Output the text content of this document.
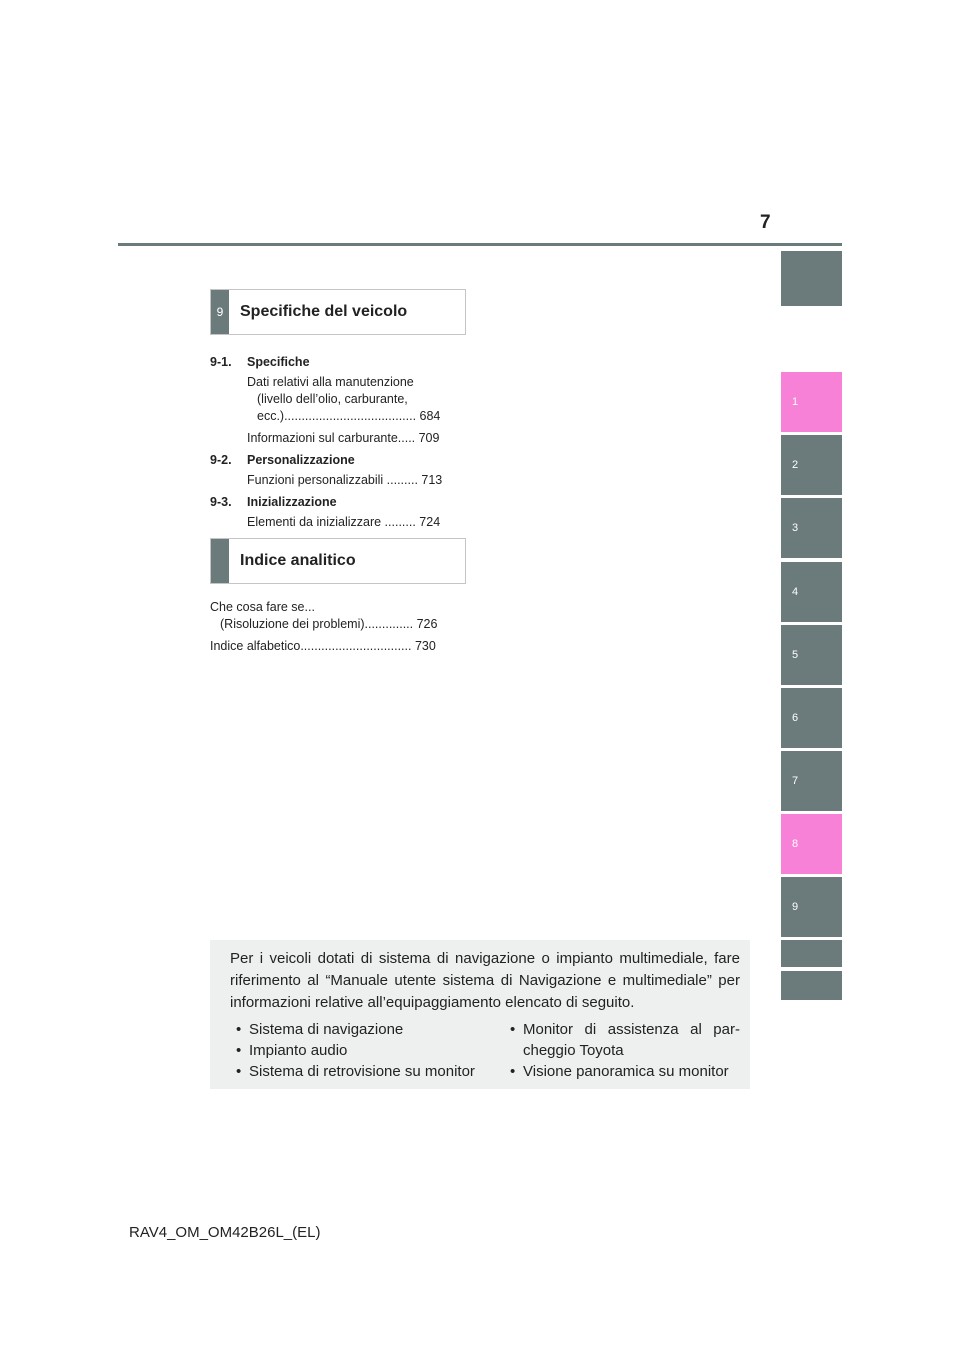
7
1
2
3
4
5
6
7
8
9
9	Specifiche del veicolo
9-1. Specifiche
Dati relativi alla manutenzione
(livello dell’olio, carburante,
ecc.)...................................... 684
Informazioni sul carburante..... 709
9-2. Personalizzazione
Funzioni personalizzabili ......... 713
9-3. Inizializzazione
Elementi da inizializzare ......... 724
Indice analitico
Che cosa fare se...
(Risoluzione dei problemi).............. 726
Indice alfabetico................................ 730
Per i veicoli dotati di sistema di navigazione o impianto multimediale, fare riferimento al “Manuale utente sistema di Navigazione e multimediale” per informazioni relative all’equipaggiamento elencato di seguito.
• Sistema di navigazione
• Impianto audio
• Sistema di retrovisione su monitor
• Monitor di assistenza al par-cheggio Toyota
• Visione panoramica su monitor
RAV4_OM_OM42B26L_(EL)
